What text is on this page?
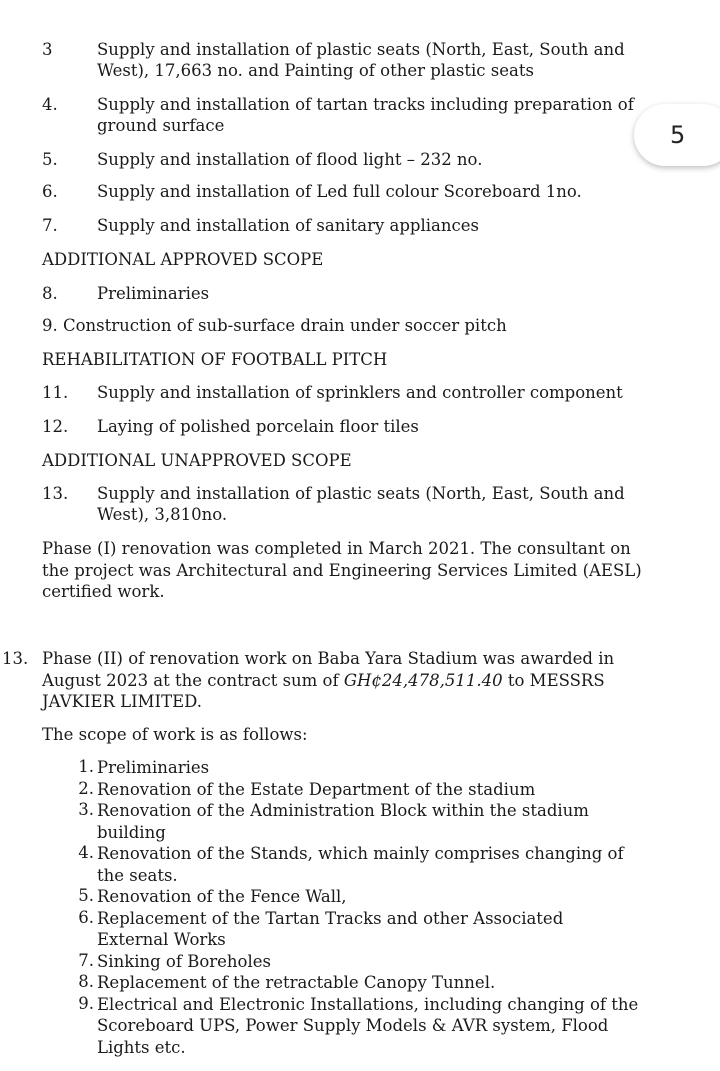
3	Supply and installation of plastic seats (North, East, South and
West), 17,663 no. and Painting of other plastic seats
4. Supply and installation of tartan tracks including preparation of
ground surface
5. Supply and installation of flood light – 232 no.
6. Supply and installation of Led full colour Scoreboard 1no.
7. Supply and installation of sanitary appliances
ADDITIONAL APPROVED SCOPE
8. Preliminaries
9. Construction of sub-surface drain under soccer pitch
REHABILITATION OF FOOTBALL PITCH
11. Supply and installation of sprinklers and controller component
12. Laying of polished porcelain floor tiles
ADDITIONAL UNAPPROVED SCOPE
13. Supply and installation of plastic seats (North, East, South and
West), 3,810no.
Phase (I) renovation was completed in March 2021. The consultant on
the project was Architectural and Engineering Services Limited (AESL)
certified work.
13. Phase (II) of renovation work on Baba Yara Stadium was awarded in
August 2023 at the contract sum of GH¢24,478,511.40 to MESSRS
JAVKIER LIMITED.
The scope of work is as follows:
1. Preliminaries
2. Renovation of the Estate Department of the stadium
3. Renovation of the Administration Block within the stadium
building
4. Renovation of the Stands, which mainly comprises changing of
the seats.
5. Renovation of the Fence Wall,
6. Replacement of the Tartan Tracks and other Associated
External Works
7. Sinking of Boreholes
8. Replacement of the retractable Canopy Tunnel.
9. Electrical and Electronic Installations, including changing of the
Scoreboard UPS, Power Supply Models & AVR system, Flood
Lights etc.
5
